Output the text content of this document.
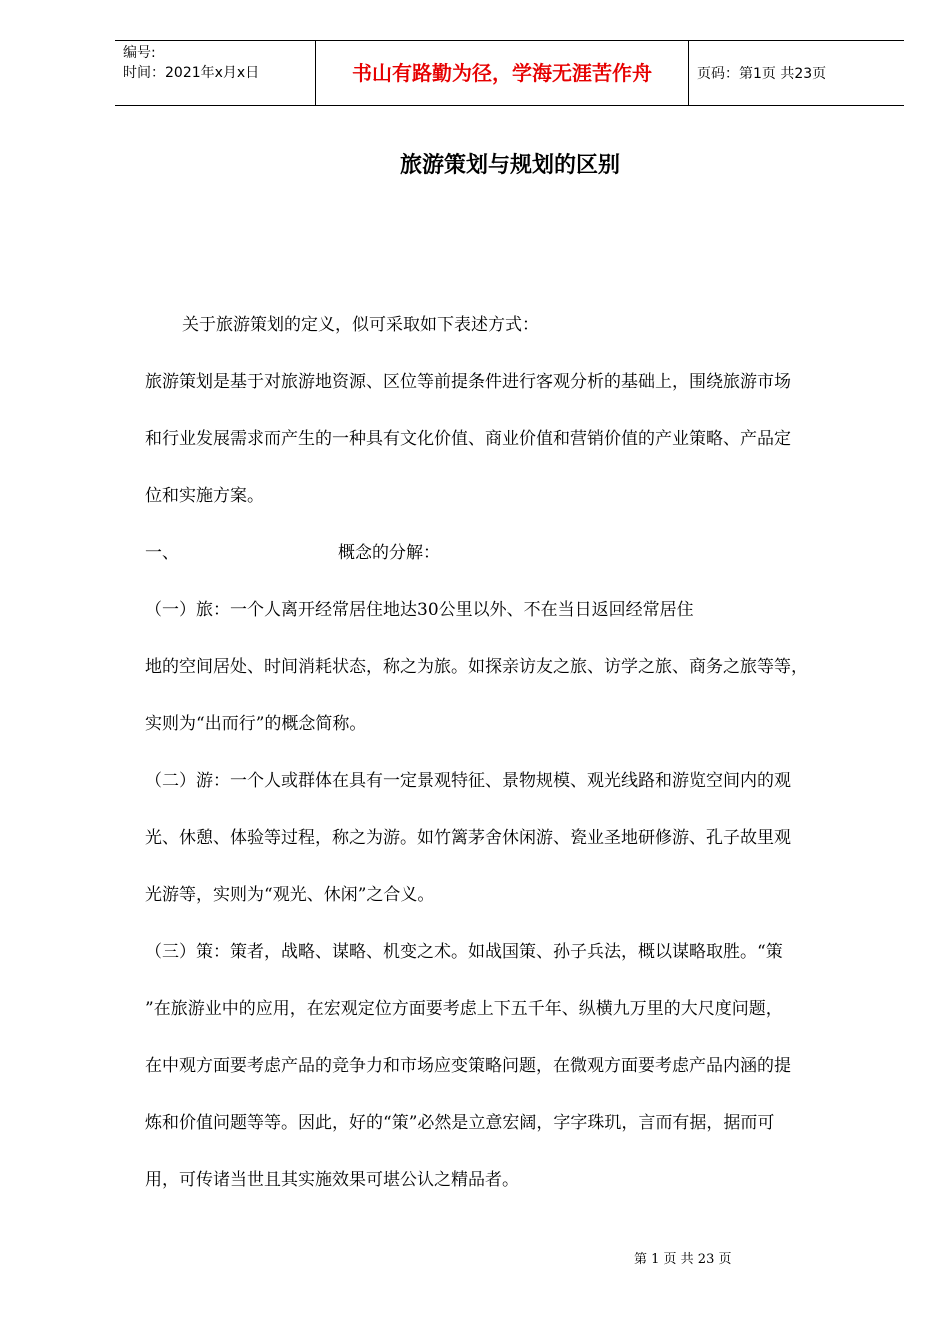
编号:
时间：2021年x月x日	书山有路勤为径，学海无涯苦作舟	页码：第1页 共23页
旅游策划与规划的区别
关于旅游策划的定义，似可采取如下表述方式：
旅游策划是基于对旅游地资源、区位等前提条件进行客观分析的基础上，围绕旅游市场
和行业发展需求而产生的一种具有文化价值、商业价值和营销价值的产业策略、产品定
位和实施方案。
一、	概念的分解：
（一）旅：一个人离开经常居住地达30公里以外、不在当日返回经常居住
地的空间居处、时间消耗状态，称之为旅。如探亲访友之旅、访学之旅、商务之旅等等，
实则为“出而行”的概念简称。
（二）游：一个人或群体在具有一定景观特征、景物规模、观光线路和游览空间内的观
光、休憩、体验等过程，称之为游。如竹篱茅舍休闲游、瓷业圣地研修游、孔子故里观
光游等，实则为“观光、休闲”之合义。
（三）策：策者，战略、谋略、机变之术。如战国策、孙子兵法，概以谋略取胜。“策
”在旅游业中的应用，在宏观定位方面要考虑上下五千年、纵横九万里的大尺度问题，
在中观方面要考虑产品的竞争力和市场应变策略问题，在微观方面要考虑产品内涵的提
炼和价值问题等等。因此，好的“策”必然是立意宏阔，字字珠玑，言而有据，据而可
用，可传诸当世且其实施效果可堪公认之精品者。
第 1 页 共 23 页
